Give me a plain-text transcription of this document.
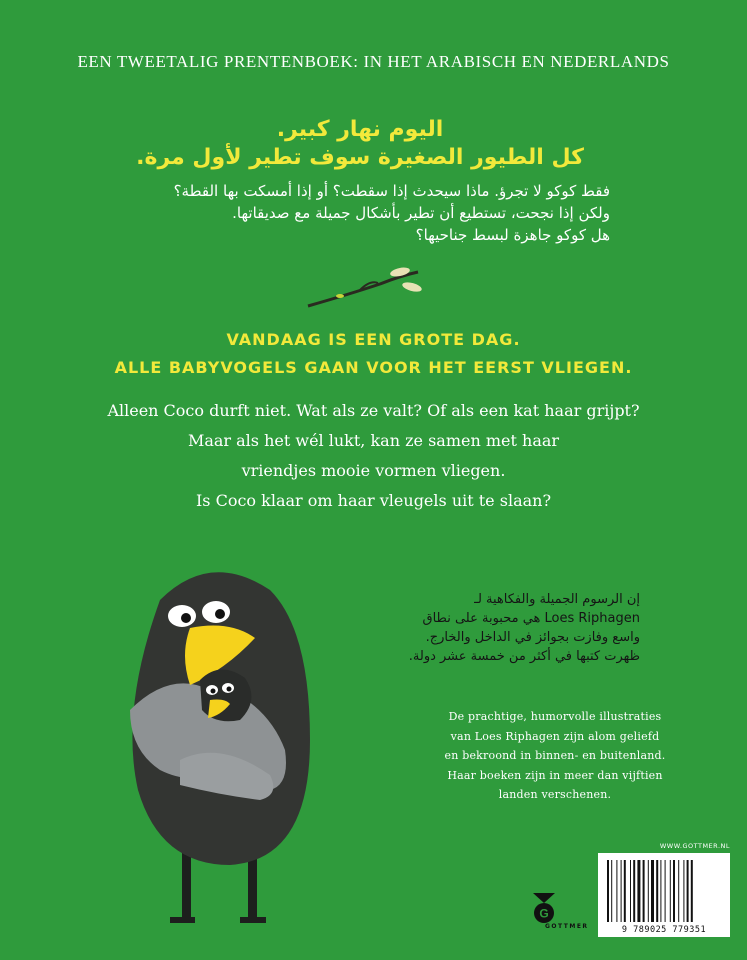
EEN TWEETALIG PRENTENBOEK: IN HET ARABISCH EN NEDERLANDS
اليوم نهار كبير.
كل الطيور الصغيرة سوف تطير لأول مرة.
فقط كوكو لا تجرؤ. ماذا سيحدث إذا سقطت؟ أو إذا أمسكت بها القطة؟
ولكن إذا نجحت، تستطيع أن تطير بأشكال جميلة مع صديقاتها.
هل كوكو جاهزة لبسط جناحيها؟
VANDAAG IS EEN GROTE DAG.
ALLE BABYVOGELS GAAN VOOR HET EERST VLIEGEN.
Alleen Coco durft niet. Wat als ze valt? Of als een kat haar grijpt?
Maar als het wél lukt, kan ze samen met haar
vriendjes mooie vormen vliegen.
Is Coco klaar om haar vleugels uit te slaan?
إن الرسوم الجميلة والفكاهية لـ
Loes Riphagen هي محبوبة على نطاق
واسع وفازت بجوائز في الداخل والخارج.
ظهرت كتبها في أكثر من خمسة عشر دولة.
De prachtige, humorvolle illustraties
van Loes Riphagen zijn alom geliefd
en bekroond in binnen- en buitenland.
Haar boeken zijn in meer dan vijftien
landen verschenen.
G
GOTTMER
WWW.GOTTMER.NL
9 789025 779351
